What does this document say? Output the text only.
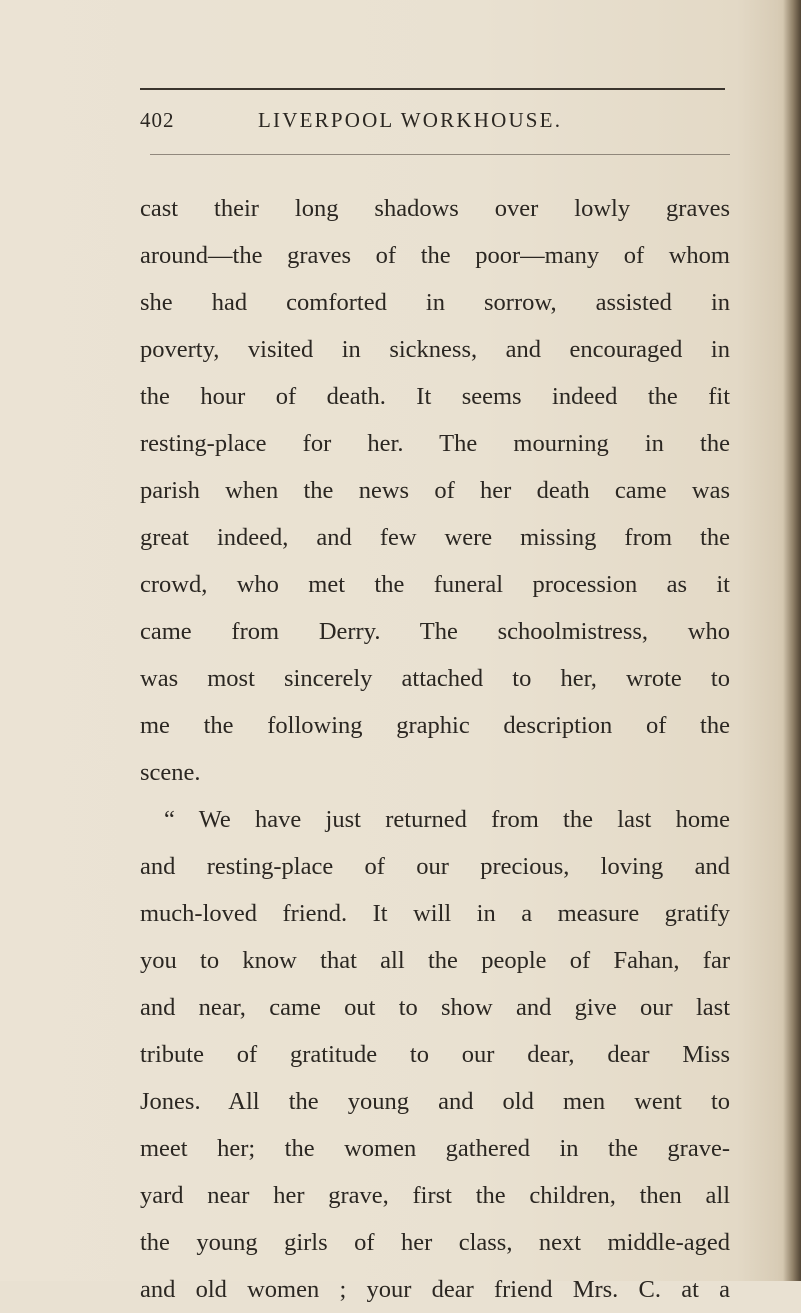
402	LIVERPOOL WORKHOUSE.
cast their long shadows over lowly graves
around—the graves of the poor—many of whom
she had comforted in sorrow, assisted in
poverty, visited in sickness, and encouraged in
the hour of death. It seems indeed the fit
resting-place for her. The mourning in the
parish when the news of her death came was
great indeed, and few were missing from the
crowd, who met the funeral procession as it
came from Derry. The schoolmistress, who
was most sincerely attached to her, wrote to
me the following graphic description of the
scene.
“ We have just returned from the last home
and resting-place of our precious, loving and
much-loved friend. It will in a measure gratify
you to know that all the people of Fahan, far
and near, came out to show and give our last
tribute of gratitude to our dear, dear Miss
Jones. All the young and old men went to
meet her; the women gathered in the grave-
yard near her grave, first the children, then all
the young girls of her class, next middle-aged
and old women ; your dear friend Mrs. C. at a
